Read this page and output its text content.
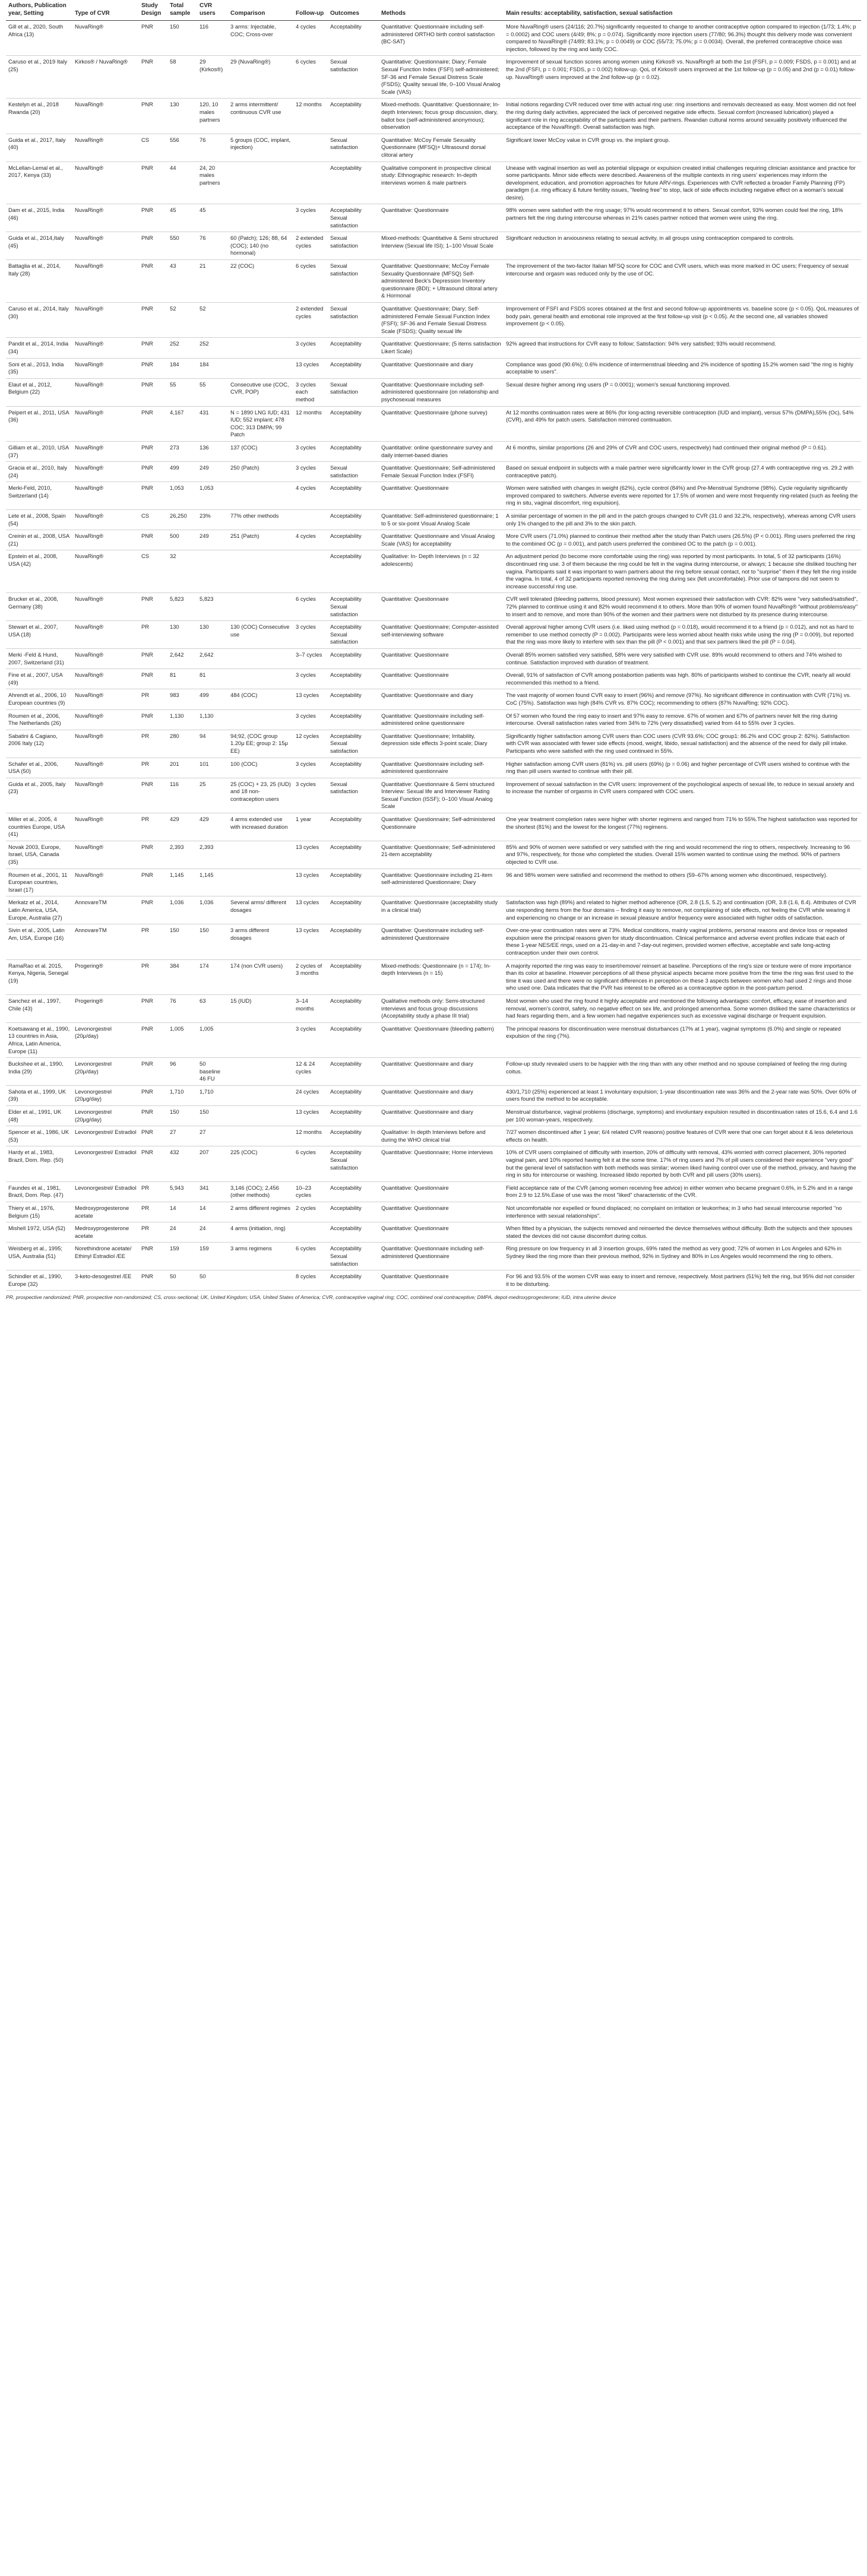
Authors, Publication year, Setting	Type of CVR	Study Design	Total sample	CVR users	Comparison	Follow-up	Outcomes	Methods	Main results: acceptability, satisfaction, sexual satisfaction
Gill et al., 2020, South Africa (13)	NuvaRing®	PNR	150	116	3 arms: Injectable, COC; Cross-over	4 cycles	Acceptability	Quantitative: Questionnaire including self-administered ORTHO birth control satisfaction (BC-SAT)	More NuvaRing® users (24/116; 20.7%) significantly requested to change to another contraceptive option compared to injection (1/73; 1.4%; p = 0.0002) and COC users (4/49; 8%; p = 0.074). Significantly more injection users (77/80; 96.3%) thought this delivery mode was convenient compared to NuvaRing® (74/89; 83.1%; p = 0.0049) or COC (55/73; 75.0%; p = 0.0034). Overall, the preferred contraceptive choice was injection, followed by the ring and lastly COC.
Caruso et al., 2019 Italy (25)	Kirkos® / NuvaRing®	PNR	58	29 (Kirkos®)	29 (NuvaRing®)	6 cycles	Sexual satisfaction	Quantitative: Questionnaire; Diary; Female Sexual Function Index (FSFI) self-administered; SF-36 and Female Sexual Distress Scale (FSDS); Quality sexual life, 0–100 Visual Analog Scale (VAS)	Improvement of sexual function scores among women using Kirkos® vs. NuvaRing® at both the 1st (FSFI, p = 0.009; FSDS, p = 0.001) and at the 2nd (FSFI, p = 0.001; FSDS, p = 0.002) follow-up. QoL of Kirkos® users improved at the 1st follow-up (p = 0.05) and 2nd (p = 0.01) follow-up. NuvaRing® users improved at the 2nd follow-up (p = 0.02).
Kestelyn et al., 2018 Rwanda (20)	NuvaRing®	PNR	130	120, 10 males partners	2 arms intermittent/ continuous CVR use	12 months	Acceptability	Mixed-methods. Quantitative: Questionnaire; In-depth Interviews; focus group discussion, diary, ballot box (self-administered anonymous); observation	Initial notions regarding CVR reduced over time with actual ring use: ring insertions and removals decreased as easy. Most women did not feel the ring during daily activities, appreciated the lack of perceived negative side effects. Sexual comfort (increased lubrication) played a significant role in ring acceptability of the participants and their partners. Rwandan cultural norms around sexuality positively influenced the acceptance of the NuvaRing®. Overall satisfaction was high.
Guida et al., 2017, Italy (40)	NuvaRing®	CS	556	76	5 groups (COC, implant, injection)		Sexual satisfaction	Quantitative: McCoy Female Sexuality Questionnaire (MFSQ)+ Ultrasound dorsal clitoral artery	Significant lower McCoy value in CVR group vs. the implant group.
McLellan-Lemal et al., 2017, Kenya (33)	NuvaRing®	PNR	44	24, 20 males partners			Acceptability	Qualitative component in prospective clinical study: Ethnographic research: In-depth interviews women & male partners	Unease with vaginal insertion as well as potential slippage or expulsion created initial challenges requiring clinician assistance and practice for some participants. Minor side effects were described. Awareness of the multiple contexts in ring users' experiences may inform the development, education, and promotion approaches for future ARV-rings. Experiences with CVR reflected a broader Family Planning (FP) paradigm (i.e. ring efficacy & future fertility issues, "feeling free" to stop, lack of side effects including negative effect on a woman's sexual desire).
Dam et al., 2015, India (46)	NuvaRing®	PNR	45	45		3 cycles	Acceptability Sexual satisfaction	Quantitative: Questionnaire	98% women were satisfied with the ring usage; 97% would recommend it to others. Sexual comfort, 93% women could feel the ring, 18% partners felt the ring during intercourse whereas in 21% cases partner noticed that women were using the ring.
Guida et al., 2014,Italy (45)	NuvaRing®	PNR	550	76	60 (Patch); 126; 88, 64 (COC); 140 (no hormonal)	2 extended cycles	Sexual satisfaction	Mixed-methods: Quantitative & Semi structured Interview (Sexual life ISI); 1–100 Visual Scale	Significant reduction in anxiousness relating to sexual activity, in all groups using contraception compared to controls.
Battaglia et al., 2014, Italy (28)	NuvaRing®	PNR	43	21	22 (COC)	6 cycles	Sexual satisfaction	Quantitative: Questionnaire; McCoy Female Sexuality Questionnaire (MFSQ) Self-administered Beck's Depression Inventory questionnaire (BDI); + Ultrasound clitoral artery & Hormonal	The improvement of the two-factor Italian MFSQ score for COC and CVR users, which was more marked in OC users; Frequency of sexual intercourse and orgasm was reduced only by the use of OC.
Caruso et al., 2014, Italy (30)	NuvaRing®	PNR	52	52		2 extended cycles	Sexual satisfaction	Quantitative: Questionnaire; Diary; Self-administered Female Sexual Function Index (FSFI); SF-36 and Female Sexual Distress Scale (FSDS); Quality sexual life	Improvement of FSFI and FSDS scores obtained at the first and second follow-up appointments vs. baseline score (p < 0.05). QoL measures of body pain, general health and emotional role improved at the first follow-up visit (p < 0.05). At the second one, all variables showed improvement (p < 0.05).
Pandit et al., 2014, India (34)	NuvaRing®	PNR	252	252		3 cycles	Acceptability	Quantitative: Questionnaire; (5 items satisfaction Likert Scale)	92% agreed that instructions for CVR easy to follow; Satisfaction: 94% very satisfied; 93% would recommend.
Soni et al., 2013, India (35)	NuvaRing®	PNR	184	184		13 cycles	Acceptability	Quantitative: Questionnaire and diary	Compliance was good (90.6%); 0.6% incidence of intermenstrual bleeding and 2% incidence of spotting 15.2% women said "the ring is highly acceptable to users".
Elaut et al., 2012, Belgium (22)	NuvaRing®	PNR	55	55	Consecutive use (COC, CVR, POP)	3 cycles each method	Sexual satisfaction	Quantitative: Questionnaire including self-administered questionnaire (on relationship and psychosexual measures	Sexual desire higher among ring users (P = 0.0001); women's sexual functioning improved.
Peipert et al., 2011, USA (36)	NuvaRing®	PNR	4,167	431	N = 1890 LNG IUD; 431 IUD; 552 implant; 478 COC; 313 DMPA; 99 Patch	12 months	Acceptability	Quantitative: Questionnaire (phone survey)	At 12 months continuation rates were at 86% (for long-acting reversible contraception (IUD and implant), versus 57% (DMPA),55% (Oc), 54% (CVR), and 49% for patch users. Satisfaction mirrored continuation.
Gilliam et al., 2010, USA (37)	NuvaRing®	PNR	273	136	137 (COC)	3 cycles	Acceptability	Quantitative: online questionnaire survey and daily internet-based diaries	At 6 months, similar proportions (26 and 29% of CVR and COC users, respectively) had continued their original method (P = 0.61).
Gracia et al., 2010, Italy (24)	NuvaRing®	PNR	499	249	250 (Patch)	3 cycles	Sexual satisfaction	Quantitative: Questionnaire; Self-administered Female Sexual Function Index (FSFI)	Based on sexual endpoint in subjects with a male partner were significantly lower in the CVR group (27.4 with contraceptive ring vs. 29.2 with contraceptive patch).
Merki-Feld, 2010, Switzerland (14)	NuvaRing®	PNR	1,053	1,053		4 cycles	Acceptability	Quantitative: Questionnaire	Women were satisfied with changes in weight (62%), cycle control (84%) and Pre-Menstrual Syndrome (98%). Cycle regularity significantly improved compared to switchers. Adverse events were reported for 17.5% of women and were most frequently ring-related (such as feeling the ring in situ, vaginal discomfort, ring expulsion).
Lete et al., 2008, Spain (54)	NuvaRing®	CS	26,250	23%	77% other methods		Acceptability	Quantitative: Self-administered questionnaire; 1 to 5 or six-point Visual Analog Scale	A similar percentage of women in the pill and in the patch groups changed to CVR (31.0 and 32.2%, respectively), whereas among CVR users only 1% changed to the pill and 3% to the skin patch.
Creinin et al., 2008, USA (21)	NuvaRing®	PNR	500	249	251 (Patch)	4 cycles	Acceptability	Quantitative: Questionnaire and Visual Analog Scale (VAS) for acceptability	More CVR users (71.0%) planned to continue their method after the study than Patch users (26.5%) (P < 0.001). Ring users preferred the ring to the combined OC (p = 0.001), and patch users preferred the combined OC to the patch (p = 0.001).
Epstein et al., 2008, USA (42)	NuvaRing®	CS	32				Acceptability	Qualitative: In- Depth Interviews (n = 32 adolescents)	An adjustment period (to become more comfortable using the ring) was reported by most participants. In total, 5 of 32 participants (16%) discontinued ring use. 3 of them because the ring could be felt in the vagina during intercourse, or always; 1 because she disliked touching her vagina. Participants said it was important to warn partners about the ring before sexual contact, not to "surprise" them if they felt the ring inside the vagina. In total, 4 of 32 participants reported removing the ring during sex (felt uncomfortable). Prior use of tampons did not seem to increase successful ring use.
Brucker et al., 2008, Germany (38)	NuvaRing®	PNR	5,823	5,823		6 cycles	Acceptability Sexual satisfaction	Quantitative: Questionnaire	CVR well tolerated (bleeding patterns, blood pressure). Most women expressed their satisfaction with CVR: 82% were "very satisfied/satisfied", 72% planned to continue using it and 82% would recommend it to others. More than 90% of women found NuvaRing® "without problems/easy" to insert and to remove, and more than 90% of the women and their partners were not disturbed by its presence during intercourse.
Stewart et al., 2007, USA (18)	NuvaRing®	PR	130	130	130 (COC) Consecutive use	3 cycles	Acceptability Sexual satisfaction	Quantitative: Questionnaire; Computer-assisted self-interviewing software	Overall approval higher among CVR users (i.e. liked using method (p = 0.018), would recommend it to a friend (p = 0.012), and not as hard to remember to use method correctly (P = 0.002). Participants were less worried about health risks while using the ring (P = 0.009), but reported that the ring was more likely to interfere with sex than the pill (P < 0.001) and that sex partners liked the pill (P = 0.04).
Merki -Feld & Hund, 2007, Switzerland (31)	NuvaRing®	PNR	2,642	2,642		3–7 cycles	Acceptability	Quantitative: Questionnaire	Overall 85% women satisfied very satisfied, 58% were very satisfied with CVR use. 89% would recommend to others and 74% wished to continue. Satisfaction improved with duration of treatment.
Fine et al., 2007, USA (49)	NuvaRing®	PNR	81	81		3 cycles	Acceptability	Quantitative: Questionnaire	Overall, 91% of satisfaction of CVR among postabortion patients was high. 80% of participants wished to continue the CVR, nearly all would recommended this method to a friend.
Ahrendt et al., 2006, 10 European countries (9)	NuvaRing®	PR	983	499	484 (COC)	13 cycles	Acceptability	Quantitative: Questionnaire and diary	The vast majority of women found CVR easy to insert (96%) and remove (97%). No significant difference in continuation with CVR (71%) vs. CoC (75%). Satisfaction was high (84% CVR vs. 87% COC); recommending to others (87% NuvaRing; 92% COC).
Roumen et al., 2006, The Netherlands (26)	NuvaRing®	PNR	1,130	1,130		3 cycles	Acceptability	Quantitative: Questionnaire including self-administered online questionnaire	Of 57 women who found the ring easy to insert and 97% easy to remove. 67% of women and 67% of partners never felt the ring during intercourse. Overall satisfaction rates varied from 34% to 72% (very dissatisfied) varied from 44 to 55% over 3 cycles.
Sabatini & Cagiano, 2006 Italy (12)	NuvaRing®	PR	280	94	94;92, (COC group 1.20μ EE; group 2: 15μ EE)	12 cycles	Acceptability Sexual satisfaction	Quantitative: Questionnaire; Irritability, depression side effects 3-point scale; Diary	Significantly higher satisfaction among CVR users than COC users (CVR 93.6%; COC group1: 86.2% and COC group 2: 82%). Satisfaction with CVR was associated with fewer side effects (mood, weight, libido, sexual satisfaction) and the absence of the need for daily pill intake. Participants who were satisfied with the ring used continued in 55%.
Schafer et al., 2006, USA (50)	NuvaRing®	PR	201	101	100 (COC)	3 cycles	Acceptability	Quantitative: Questionnaire including self-administered questionnaire	Higher satisfaction among CVR users (81%) vs. pill users (69%) (p = 0.06) and higher percentage of CVR users wished to continue with the ring than pill users wanted to continue with their pill.
Guida et al., 2005, Italy (23)	NuvaRing®	PNR	116	25	25 (COC) + 23, 25 (IUD) and 18 non-contraception users	3 cycles	Sexual satisfaction	Quantitative: Questionnaire & Semi structured Interview: Sexual life and Interviewer Rating Sexual Function (ISSF); 0–100 Visual Analog Scale	Improvement of sexual satisfaction in the CVR users: improvement of the psychological aspects of sexual life, to reduce in sexual anxiety and to increase the number of orgasms in CVR users compared with COC users.
Miller et al., 2005, 4 countries Europe, USA (41)	NuvaRing®	PR	429	429	4 arms extended use with increased duration	1 year	Acceptability	Quantitative: Questionnaire; Self-administered Questionnaire	One year treatment completion rates were higher with shorter regimens and ranged from 71% to 55%.The highest satisfaction was reported for the shortest (81%) and the lowest for the longest (77%) regimens.
Novak 2003, Europe, Israel, USA, Canada (35)	NuvaRing®	PNR	2,393	2,393		13 cycles	Acceptability	Quantitative: Questionnaire; Self-administered 21-item acceptability	85% and 90% of women were satisfied or very satisfied with the ring and would recommend the ring to others, respectively. Increasing to 96 and 97%, respectively, for those who completed the studies. Overall 15% women wanted to continue using the method. 90% of partners objected to CVR use.
Roumen et al., 2001, 11 European countries, Israel (17)	NuvaRing®	PNR	1,145	1,145		13 cycles	Acceptability	Quantitative: Questionnaire including 21-item self-administered Questionnaire; Diary	96 and 98% women were satisfied and recommend the method to others (59–67% among women who discontinued, respectively).
Merkatz et al., 2014, Latin America, USA, Europe, Australia (27)	AnnovareTM	PNR	1,036	1,036	Several arms/ different dosages	13 cycles	Acceptability	Quantitative: Questionnaire (acceptability study in a clinical trial)	Satisfaction was high (89%) and related to higher method adherence (OR, 2.8 (1.5, 5.2) and continuation (OR, 3.8 (1.6, 8.4). Attributes of CVR use responding items from the four domains – finding it easy to remove, not complaining of side effects, not feeling the CVR while wearing it and experiencing no change or an increase in sexual pleasure and/or frequency were associated with higher odds of satisfaction.
Sivin et al., 2005, Latin Am, USA, Europe (16)	AnnovareTM	PR	150	150	3 arms different dosages	13 cycles	Acceptability	Quantitative: Questionnaire including self-administered Questionnaire	Over-one-year continuation rates were at 73%. Medical conditions, mainly vaginal problems, personal reasons and device loss or repeated expulsion were the principal reasons given for study discontinuation. Clinical performance and adverse event profiles indicate that each of these 1-year NES/EE rings, used on a 21-day-in and 7-day-out regimen, provided women effective, acceptable and safe long-acting contraception under their own control.
RamaRao et al. 2015, Kenya, Nigeria, Senegal (19)	Progering®	PR	384	174	174 (non CVR users)	2 cycles of 3 months	Acceptability	Mixed-methods: Questionnaire (n = 174); In-depth Interviews (n = 15)	A majority reported the ring was easy to insert/remove/ reinsert at baseline. Perceptions of the ring's size or texture were of more importance than its color at baseline. However perceptions of all these physical aspects became more positive from the time the ring was first used to the time it was used and there were no significant differences in perception on these 3 aspects between women who had used 2 rings and those who used one. Data indicates that the PVR has interest to be offered as a contraceptive option in the post-partum period.
Sanchez et al., 1997, Chile (43)	Progering®	PNR	76	63	15 (IUD)	3–14 months	Acceptability	Qualitative methods only: Semi-structured interviews and focus group discussions (Acceptability study a phase III trial)	Most women who used the ring found it highly acceptable and mentioned the following advantages: comfort, efficacy, ease of insertion and removal, women's control, safety, no negative effect on sex life, and prolonged amenorrhea. Some women disliked the same characteristics or had fears regarding them, and a few women had negative experiences such as excessive vaginal discharge or frequent expulsion.
Koetsawang et al., 1990, 13 countries in Asia, Africa, Latin America, Europe (11)	Levonorgestrel (20μ/day)	PNR	1,005	1,005		3 cycles	Acceptability	Quantitative: Questionnaire (bleeding pattern)	The principal reasons for discontinuation were menstrual disturbances (17% at 1 year), vaginal symptoms (6.0%) and single or repeated expulsion of the ring (7%).
Buckshee et al., 1990, India (29)	Levonorgestrel (20μ/day)	PNR	96	50 baseline 46 FU		12 & 24 cycles	Acceptability	Quantitative: Questionnaire and diary	Follow-up study revealed users to be happier with the ring than with any other method and no spouse complained of feeling the ring during coitus.
Sahota et al., 1999, UK (39)	Levonorgestrel (20μg/day)	PNR	1,710	1,710		24 cycles	Acceptability	Quantitative: Questionnaire and diary	430/1,710 (25%) experienced at least 1 involuntary expulsion; 1-year discontinuation rate was 36% and the 2-year rate was 50%. Over 60% of users found the method to be acceptable.
Elder et al., 1991, UK (48)	Levonorgestrel (20μg/day)	PNR	150	150		13 cycles	Acceptability	Quantitative: Questionnaire and diary	Menstrual disturbance, vaginal problems (discharge, symptoms) and involuntary expulsion resulted in discontinuation rates of 15.6, 6.4 and 1.6 per 100 woman-years, respectively.
Spencer et al., 1986, UK (53)	Levonorgestrel/ Estradiol	PNR	27	27		12 months	Acceptability	Qualitative: In depth Interviews before and during the WHO clinical trial	7/27 women discontinued after 1 year; 6/4 related CVR reasons) positive features of CVR were that one can forget about it & less deleterious effects on health.
Hardy et al., 1983, Brazil, Dom. Rep. (50)	Levonorgestrel/ Estradiol	PNR	432	207	225 (COC)	6 cycles	Acceptability Sexual satisfaction	Quantitative: Questionnaire; Home interviews	10% of CVR users complained of difficulty with insertion, 20% of difficulty with removal, 43% worried with correct placement, 30% reported vaginal pain, and 10% reported having felt it at the some time. 17% of ring users and 7% of pill users considered their experience "very good" but the general level of satisfaction with both methods was similar; women liked having control over use of the method, privacy, and having the ring in situ for intercourse or washing. Increased libido reported by both CVR and pill users (30% users).
Faundes et al., 1981, Brazil, Dom. Rep. (47)	Levonorgestrel/ Estradiol	PR	5,943	341	3,146 (COC); 2,456 (other methods)	10–23 cycles	Acceptability	Quantitative: Questionnaire	Field acceptance rate of the CVR (among women receiving free advice) in either women who became pregnant 0.6%, in 5.2% and in a range from 2.9 to 12.5%.Ease of use was the most "liked" characteristic of the CVR.
Thiery et al., 1976, Belgium (15)	Medroxyprogesterone acetate	PR	14	14	2 arms different regimes	2 cycles	Acceptability	Quantitative: Questionnaire	Not uncomfortable nor expelled or found displaced; no complaint on irritation or leukorrhea; in 3 who had sexual intercourse reported "no interference with sexual relationships".
Mishell 1972, USA (52)	Medroxyprogesterone acetate	PR	24	24	4 arms (initiation, ring)		Acceptability	Quantitative: Questionnaire	When fitted by a physician, the subjects removed and reinserted the device themselves without difficulty. Both the subjects and their spouses stated the devices did not cause discomfort during coitus.
Weisberg et al., 1995; USA, Australia (51)	Norethindrone acetate/ Ethinyl Estradiol /EE	PNR	159	159	3 arms regimens	6 cycles	Acceptability Sexual satisfaction	Quantitative: Questionnaire including self-administered Questionnaire	Ring pressure on low frequency in all 3 insertion groups, 69% rated the method as very good; 72% of women in Los Angeles and 62% in Sydney liked the ring more than their previous method, 92% in Sydney and 80% in Los Angeles would recommend the ring to others.
Schindler et al., 1990, Europe (32)	3-keto-desogestrel /EE	PNR	50	50		8 cycles	Acceptability	Quantitative: Questionnaire	For 96 and 93.5% of the women CVR was easy to insert and remove, respectively. Most partners (51%) felt the ring, but 95% did not consider it to be disturbing.
PR, prospective randomized; PNR, prospective non-randomized; CS, cross-sectional; UK, United Kingdom; USA, United States of America; CVR, contraceptive vaginal ring; COC, combined oral contraceptive; DMPA, depot-medroxyprogesterone; IUD, intra uterine device
